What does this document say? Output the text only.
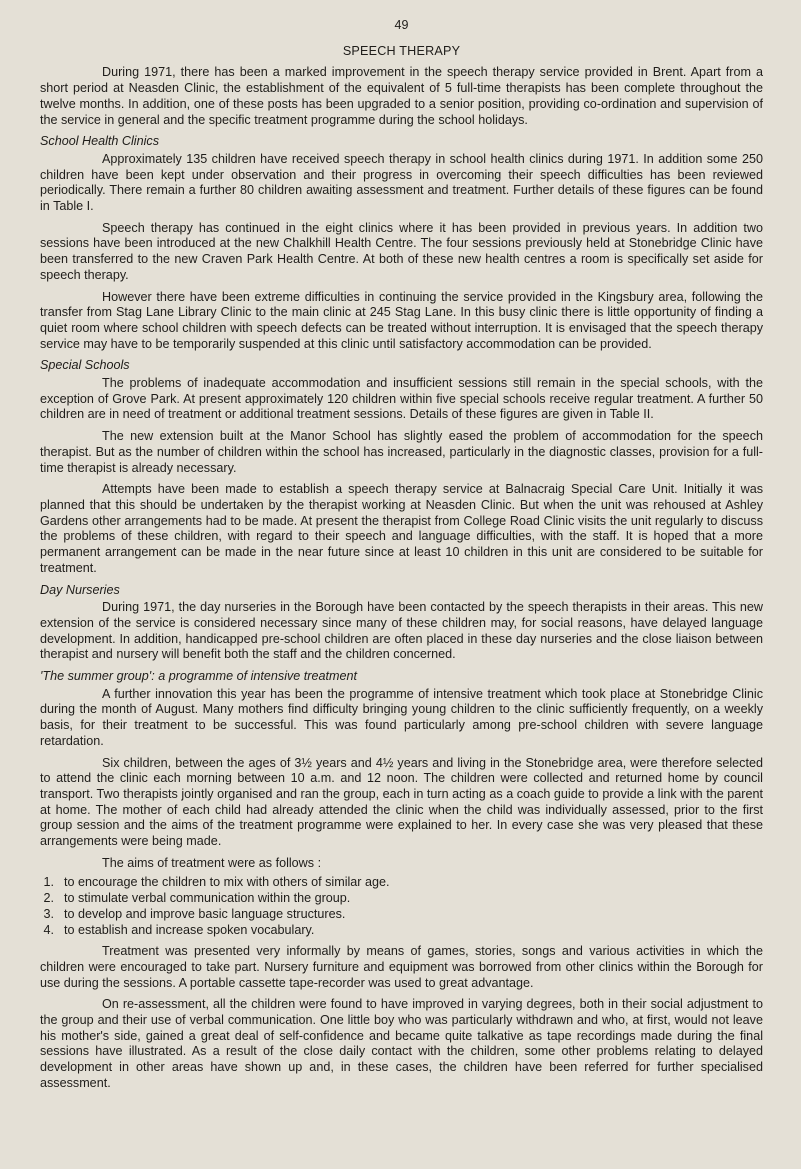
49
SPEECH THERAPY

During 1971, there has been a marked improvement in the speech therapy service provided in Brent. Apart from a short period at Neasden Clinic, the establishment of the equivalent of 5 full-time therapists has been complete throughout the twelve months. In addition, one of these posts has been upgraded to a senior position, providing co-ordination and supervision of the service in general and the specific treatment programme during the school holidays.

School Health Clinics

Approximately 135 children have received speech therapy in school health clinics during 1971. In addition some 250 children have been kept under observation and their progress in overcoming their speech difficulties has been reviewed periodically. There remain a further 80 children awaiting assessment and treatment. Further details of these figures can be found in Table I.

Speech therapy has continued in the eight clinics where it has been provided in previous years. In addition two sessions have been introduced at the new Chalkhill Health Centre. The four sessions previously held at Stonebridge Clinic have been transferred to the new Craven Park Health Centre. At both of these new health centres a room is specifically set aside for speech therapy.

However there have been extreme difficulties in continuing the service provided in the Kingsbury area, following the transfer from Stag Lane Library Clinic to the main clinic at 245 Stag Lane. In this busy clinic there is little opportunity of finding a quiet room where school children with speech defects can be treated without interruption. It is envisaged that the speech therapy service may have to be temporarily suspended at this clinic until satisfactory accommodation can be provided.

Special Schools

The problems of inadequate accommodation and insufficient sessions still remain in the special schools, with the exception of Grove Park. At present approximately 120 children within five special schools receive regular treatment. A further 50 children are in need of treatment or additional treatment sessions. Details of these figures are given in Table II.

The new extension built at the Manor School has slightly eased the problem of accommodation for the speech therapist. But as the number of children within the school has increased, particularly in the diagnostic classes, provision for a full-time therapist is already necessary.

Attempts have been made to establish a speech therapy service at Balnacraig Special Care Unit. Initially it was planned that this should be undertaken by the therapist working at Neasden Clinic. But when the unit was rehoused at Ashley Gardens other arrangements had to be made. At present the therapist from College Road Clinic visits the unit regularly to discuss the problems of these children, with regard to their speech and language difficulties, with the staff. It is hoped that a more permanent arrangement can be made in the near future since at least 10 children in this unit are considered to be suitable for treatment.

Day Nurseries

During 1971, the day nurseries in the Borough have been contacted by the speech therapists in their areas. This new extension of the service is considered necessary since many of these children may, for social reasons, have delayed language development. In addition, handicapped pre-school children are often placed in these day nurseries and the close liaison between therapist and nursery will benefit both the staff and the children concerned.

'The summer group': a programme of intensive treatment

A further innovation this year has been the programme of intensive treatment which took place at Stonebridge Clinic during the month of August. Many mothers find difficulty bringing young children to the clinic sufficiently frequently, on a weekly basis, for their treatment to be successful. This was found particularly among pre-school children with severe language retardation.

Six children, between the ages of 3½ years and 4½ years and living in the Stonebridge area, were therefore selected to attend the clinic each morning between 10 a.m. and 12 noon. The children were collected and returned home by council transport. Two therapists jointly organised and ran the group, each in turn acting as a coach guide to provide a link with the parent at home. The mother of each child had already attended the clinic when the child was individually assessed, prior to the first group session and the aims of the treatment programme were explained to her. In every case she was very pleased that these arrangements were being made.

The aims of treatment were as follows :
1. to encourage the children to mix with others of similar age.
2. to stimulate verbal communication within the group.
3. to develop and improve basic language structures.
4. to establish and increase spoken vocabulary.

Treatment was presented very informally by means of games, stories, songs and various activities in which the children were encouraged to take part. Nursery furniture and equipment was borrowed from other clinics within the Borough for use during the sessions. A portable cassette tape-recorder was used to great advantage.

On re-assessment, all the children were found to have improved in varying degrees, both in their social adjustment to the group and their use of verbal communication. One little boy who was particularly withdrawn and who, at first, would not leave his mother's side, gained a great deal of self-confidence and became quite talkative as tape recordings made during the final sessions have illustrated. As a result of the close daily contact with the children, some other problems relating to delayed development in other areas have shown up and, in these cases, the children have been referred for further specialised assessment.
